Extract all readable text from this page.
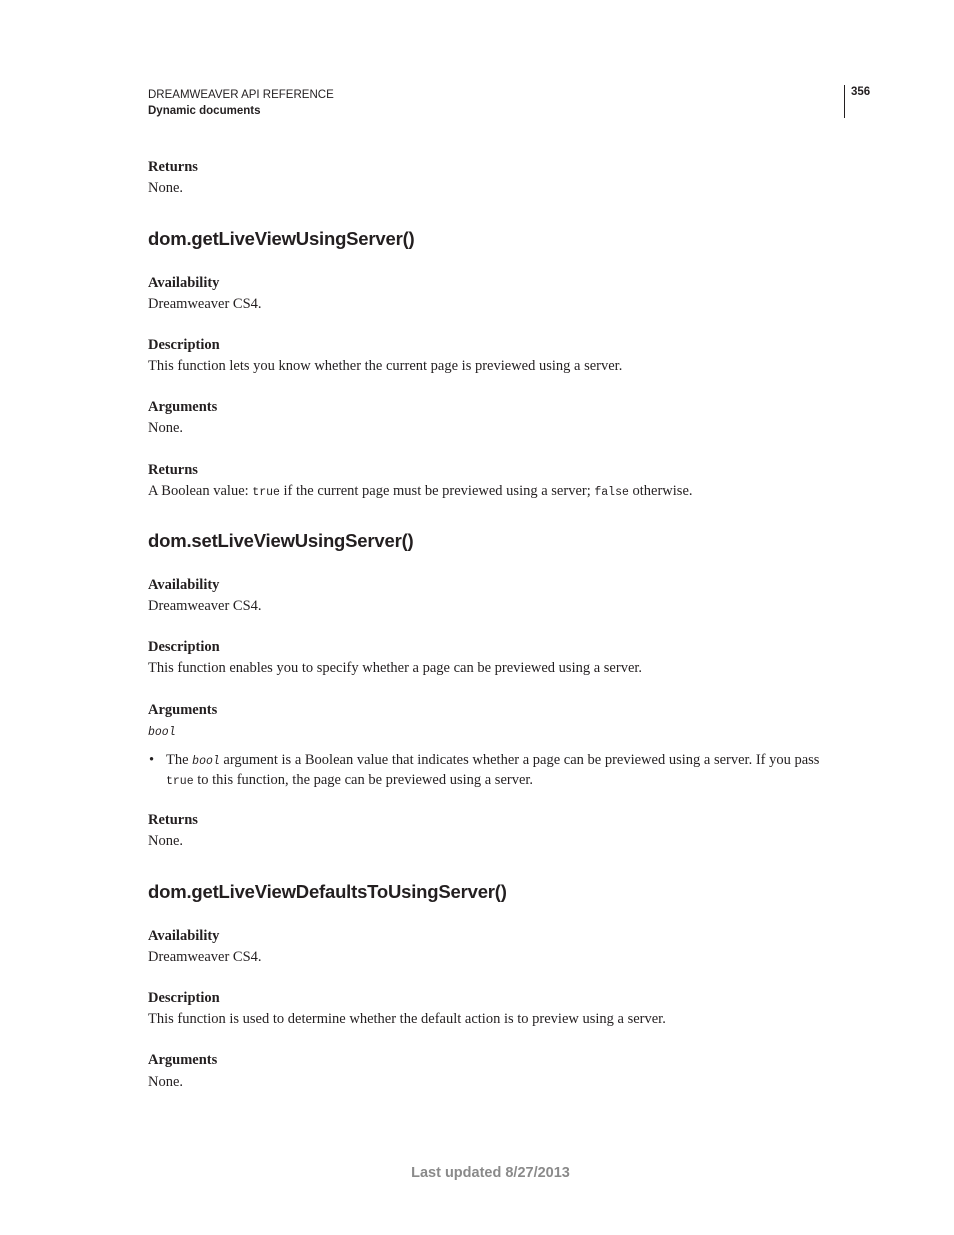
DREAMWEAVER API REFERENCE
Dynamic documents
356
Returns
None.
dom.getLiveViewUsingServer()
Availability
Dreamweaver CS4.
Description
This function lets you know whether the current page is previewed using a server.
Arguments
None.
Returns
A Boolean value: true if the current page must be previewed using a server; false otherwise.
dom.setLiveViewUsingServer()
Availability
Dreamweaver CS4.
Description
This function enables you to specify whether a page can be previewed using a server.
Arguments
bool
• The bool argument is a Boolean value that indicates whether a page can be previewed using a server. If you pass true to this function, the page can be previewed using a server.
Returns
None.
dom.getLiveViewDefaultsToUsingServer()
Availability
Dreamweaver CS4.
Description
This function is used to determine whether the default action is to preview using a server.
Arguments
None.
Last updated 8/27/2013
